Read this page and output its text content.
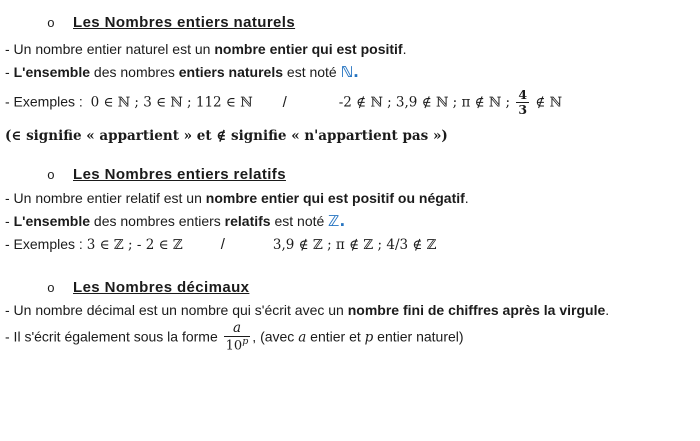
o Les Nombres entiers naturels

- Un nombre entier naturel est un nombre entier qui est positif.

- L'ensemble des nombres entiers naturels est noté ℕ.

- Exemples :  0 ∈ ℕ ; 3 ∈ ℕ ; 112 ∈ ℕ /	-2 ∉ ℕ ; 3,9 ∉ ℕ ; π ∉ ℕ ; $\frac{4}{3}$ ∉ ℕ

(∈ signifie « appartient » et ∉ signifie « n'appartient pas »)

o Les Nombres entiers relatifs

- Un nombre entier relatif est un nombre entier qui est positif ou négatif.

- L'ensemble des nombres entiers relatifs est noté ℤ.

- Exemples : 3 ∈ ℤ ; - 2 ∈ ℤ	/	3,9 ∉ ℤ ; π ∉ ℤ ; 4/3 ∉ ℤ

o Les Nombres décimaux

- Un nombre décimal est un nombre qui s'écrit avec un nombre fini de chiffres après la virgule.

- Il s'écrit également sous la forme $\frac{a}{10^p}$ , (avec a entier et p entier naturel)
